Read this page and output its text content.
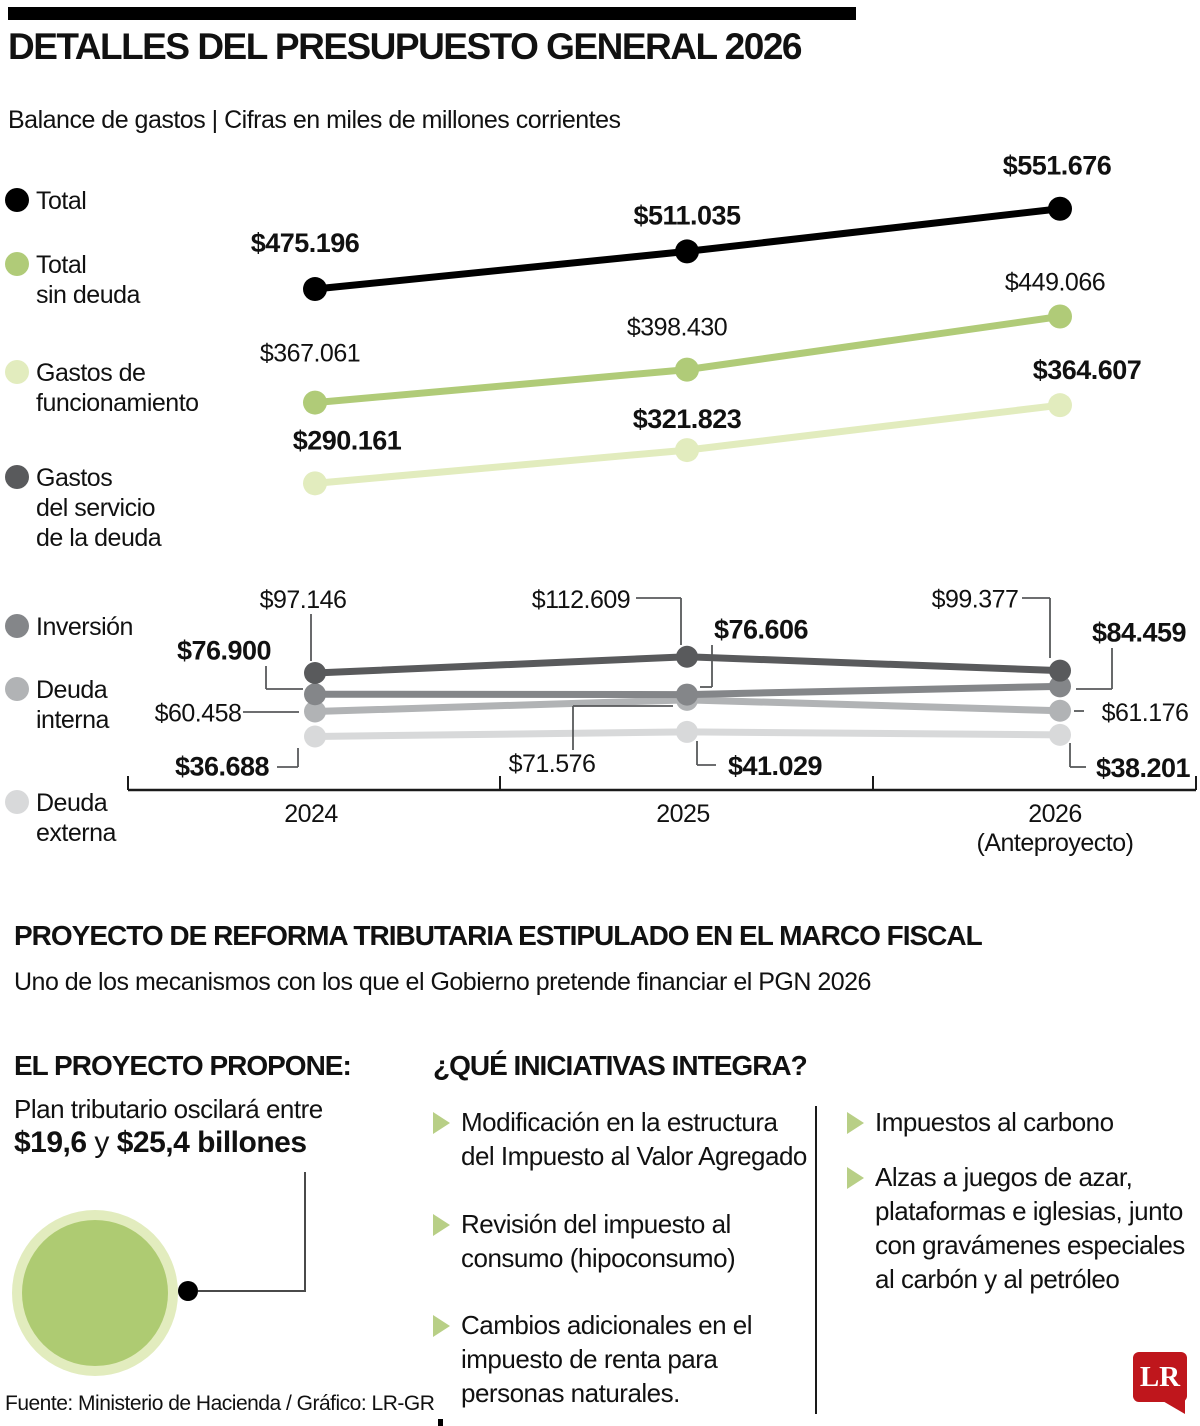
DETALLES DEL PRESUPUESTO GENERAL 2026
Balance de gastos | Cifras en miles de millones corrientes
$475.196
$511.035
$551.676
$367.061
$398.430
$449.066
$290.161
$321.823
$364.607
$97.146	$112.609	$99.377
$76.900
$76.606	$84.459
$60.458
$71.576
$61.176
$36.688	$41.029	$38.201
Total
Total
sin deuda
Gastos de
funcionamiento
Gastos
del servicio
de la deuda
Inversión
Deuda
interna
Deuda
externa
2024	2025	2026
(Anteproyecto)
PROYECTO DE REFORMA TRIBUTARIA ESTIPULADO EN EL MARCO FISCAL
Uno de los mecanismos con los que el Gobierno pretende financiar el PGN 2026
EL PROYECTO PROPONE:
Plan tributario oscilará entre
$19,6 y $25,4 billones
¿QUÉ INICIATIVAS INTEGRA?
Modificación en la estructura del Impuesto al Valor Agregado
Revisión del impuesto al consumo (hipoconsumo)
Cambios adicionales en el impuesto de renta para personas naturales.
Impuestos al carbono
Alzas a juegos de azar, plataformas e iglesias, junto con gravámenes especiales al carbón y al petróleo
Fuente: Ministerio de Hacienda / Gráfico: LR-GR
LR
